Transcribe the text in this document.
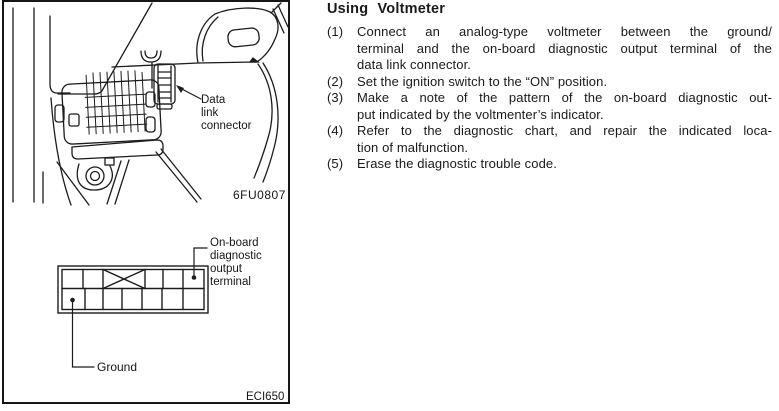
Data
link
connector
6FU0807
On-board
diagnostic
output
terminal
Ground
ECI650
Using Voltmeter
(1)	Connect an analog-type voltmeter between the ground/
terminal and the on-board diagnostic output terminal of the
data link connector.
(2)	Set the ignition switch to the “ON” position.
(3)	Make a note of the pattern of the on-board diagnostic out-
put indicated by the voltmenter’s indicator.
(4)	Refer to the diagnostic chart, and repair the indicated loca-
tion of malfunction.
(5)	Erase the diagnostic trouble code.
